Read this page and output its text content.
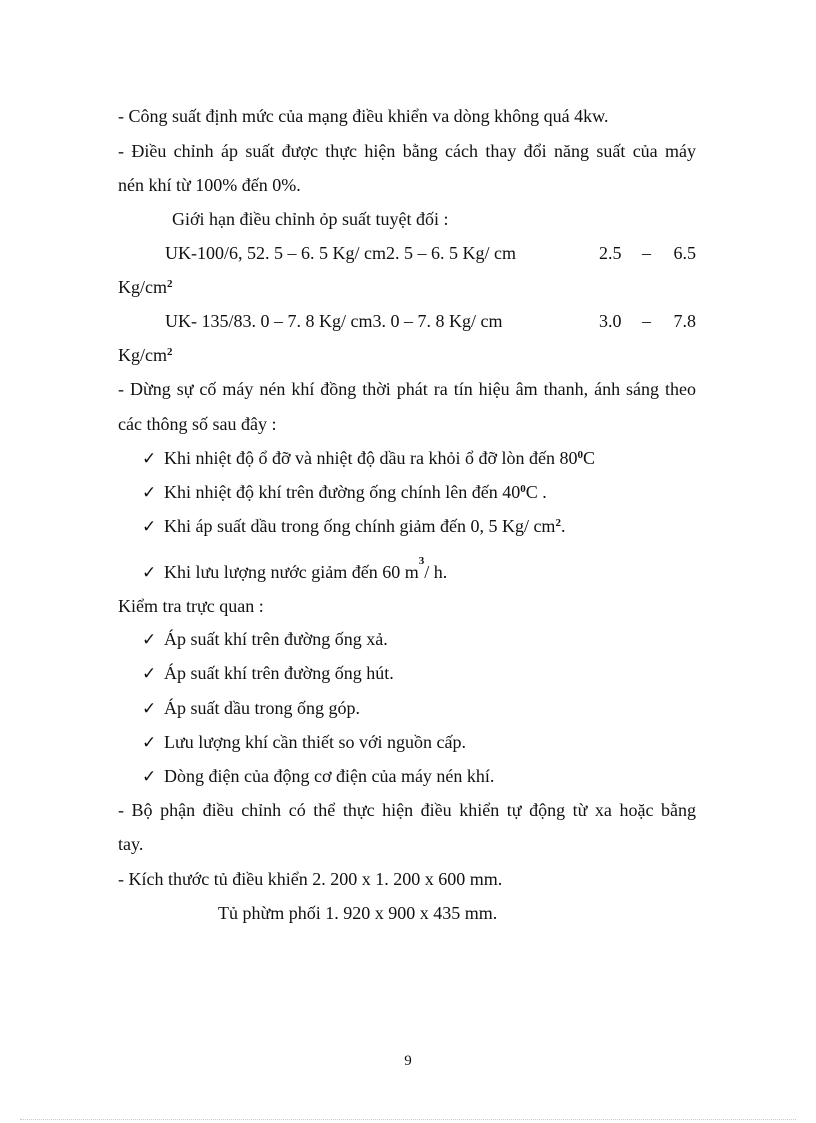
- Công suất định mức của mạng điều khiển va dòng không quá 4kw.
- Điều chỉnh áp suất được thực hiện bằng cách thay đổi năng suất của máy
nén khí từ 100% đến 0%.
Giới hạn điều chỉnh ỏp suất tuyệt đối :
UK-100/6, 52. 5 – 6. 5 Kg/ cm2. 5 – 6. 5 Kg/ cm	2.5 – 6.5
$Kg/cm^2$
UK- 135/83. 0 – 7. 8 Kg/ cm3. 0 – 7. 8 Kg/ cm	3.0 – 7.8
$Kg/cm^2$
- Dừng sự cố máy nén khí đồng thời phát ra tín hiệu âm thanh, ánh sáng theo
các thông số sau đây :
✓ Khi nhiệt độ ổ đỡ và nhiệt độ dầu ra khỏi ổ đỡ lòn đến $80^0C$
✓ Khi nhiệt độ khí trên đường ống chính lên đến $40^0C$ .
✓ Khi áp suất dầu trong ống chính giảm đến 0, 5 Kg/ $cm^2$.
✓ Khi lưu lượng nước giảm đến 60 $m^3/$ h.
Kiểm tra trực quan :
✓ Áp suất khí trên đường ống xả.
✓ Áp suất khí trên đường ống hút.
✓ Áp suất dầu trong ống góp.
✓ Lưu lượng khí cần thiết so với nguồn cấp.
✓ Dòng điện của động cơ điện của máy nén khí.
- Bộ phận điều chỉnh có thể thực hiện điều khiển tự động từ xa hoặc bằng
tay.
- Kích thước tủ điều khiển 2. 200 x 1. 200 x 600 mm.
Tủ phừm phối 1. 920 x 900 x 435 mm.
9
